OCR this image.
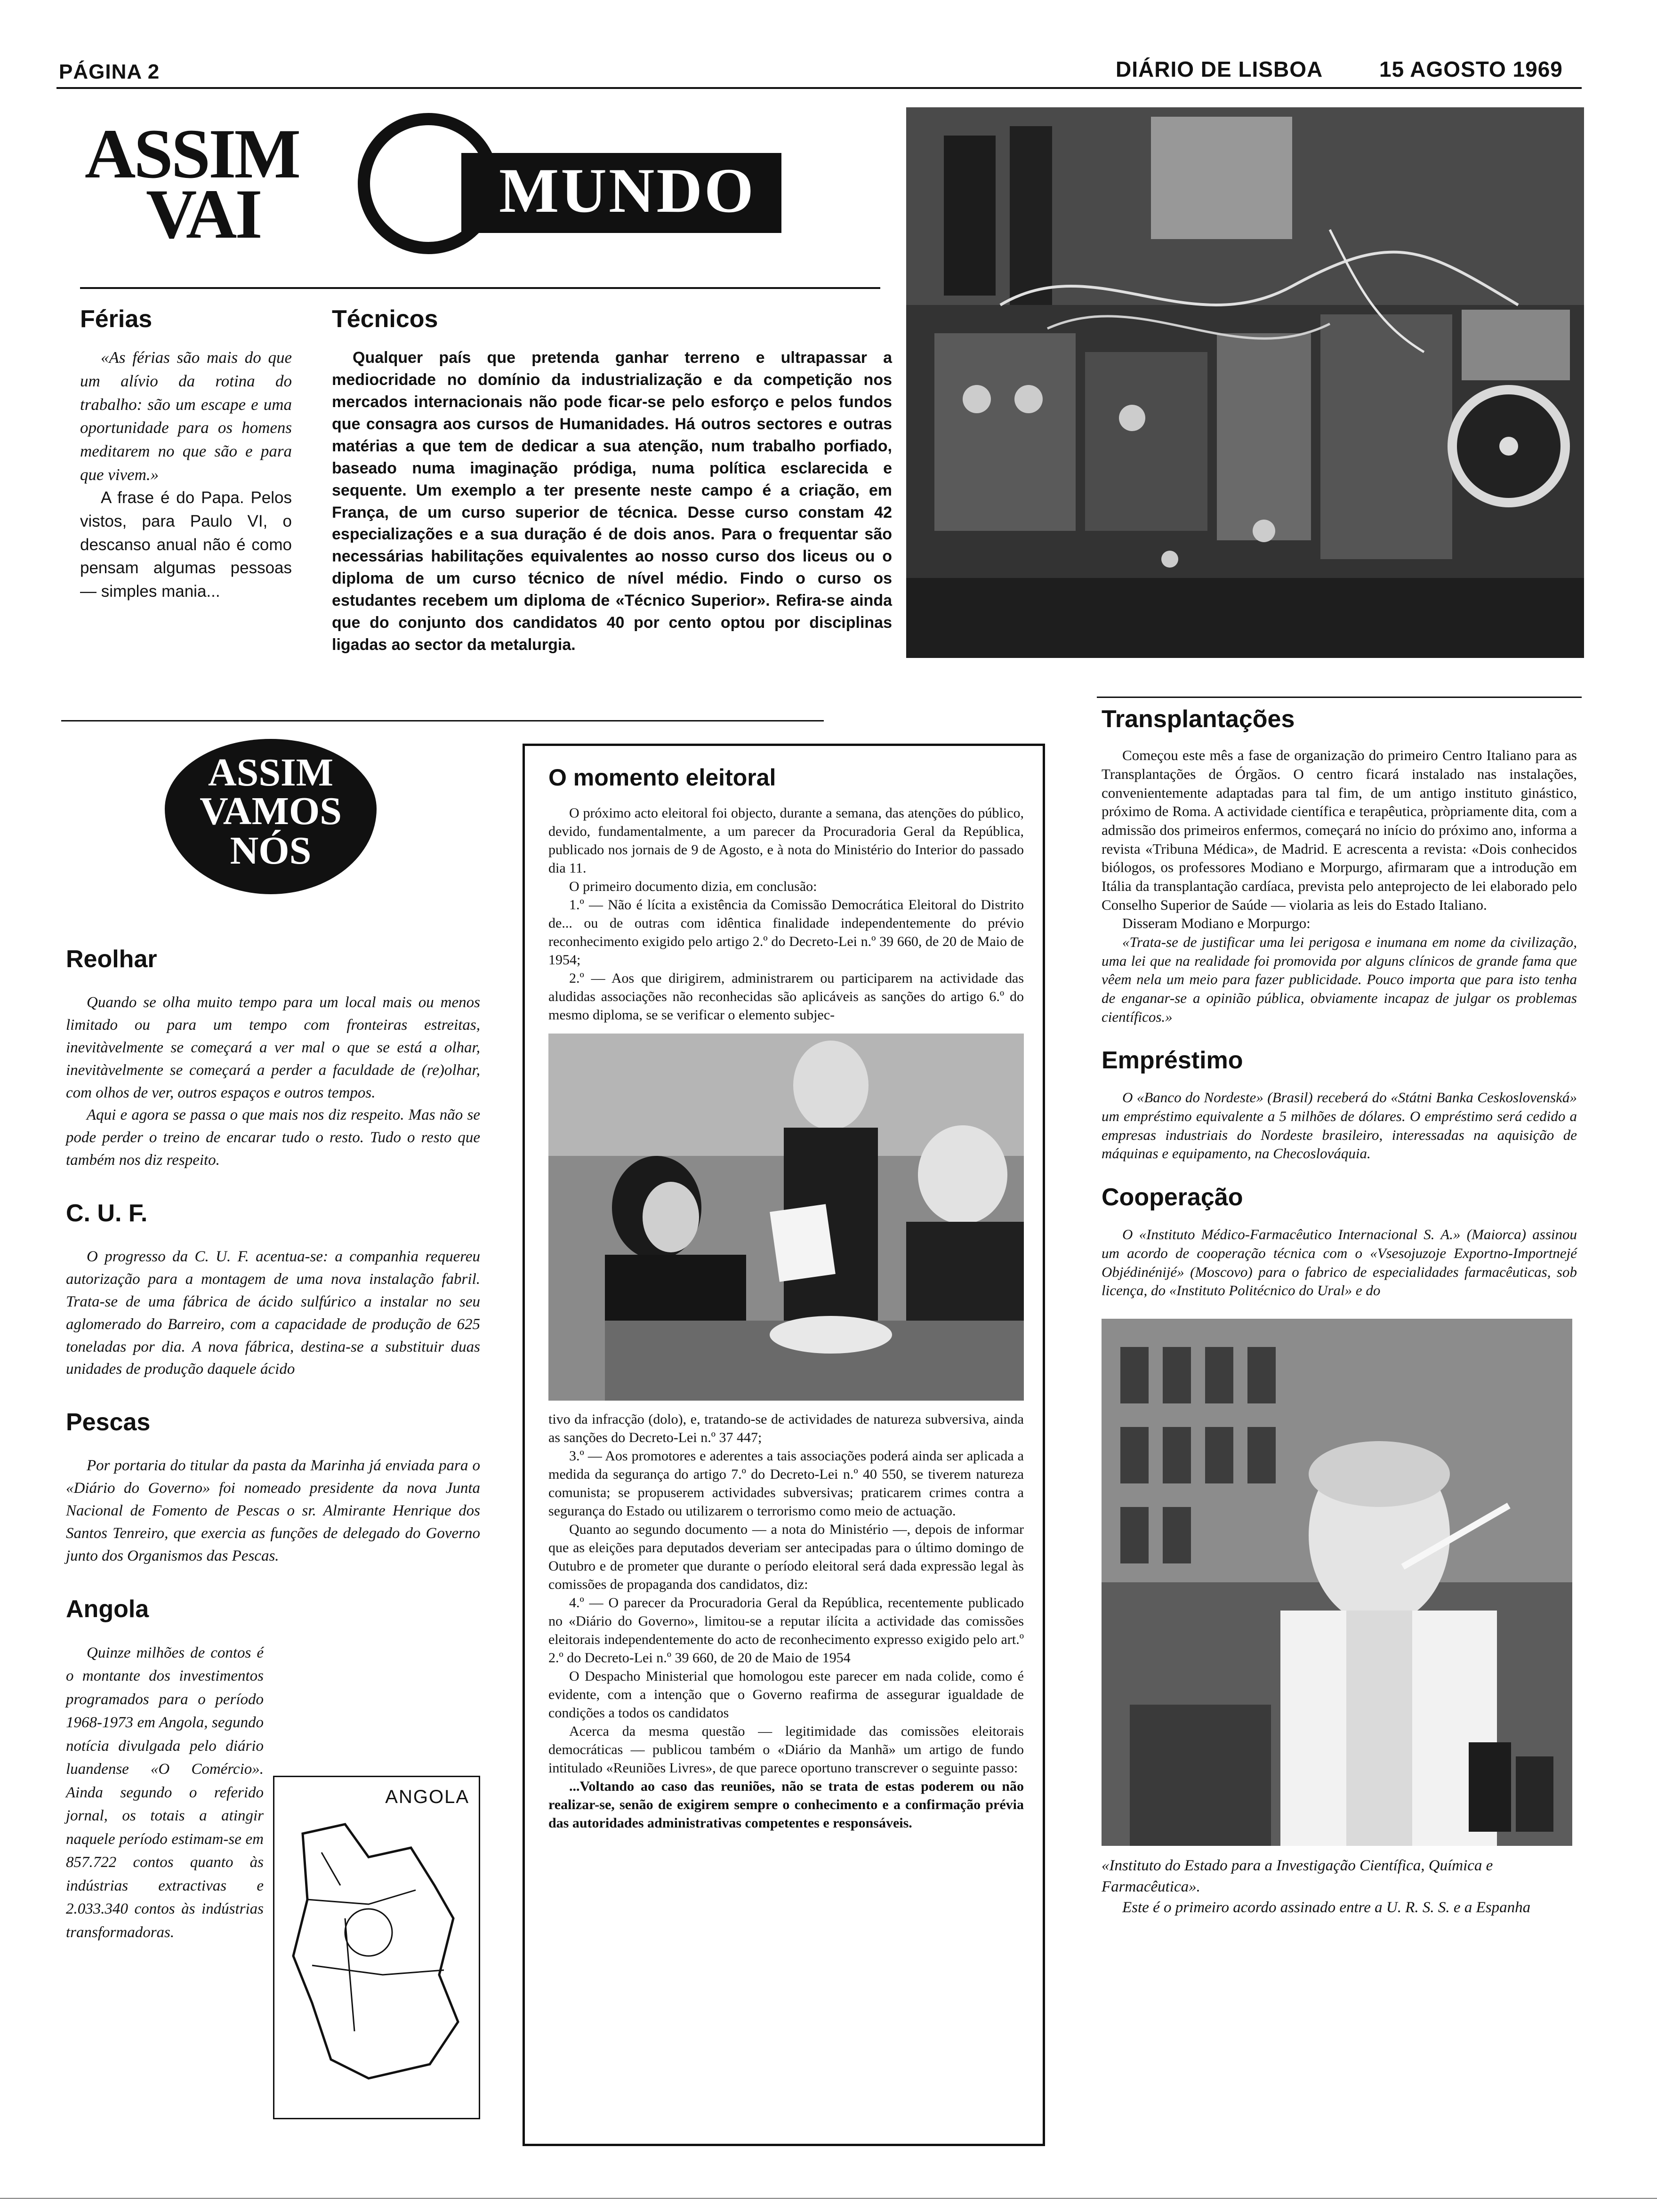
PÁGINA 2	DIÁRIO DE LISBOA	15 AGOSTO 1969
ASSIM
VAI	MUNDO
Férias

«As férias são mais do que um alívio da rotina do trabalho: são um escape e uma oportunidade para os homens meditarem no que são e para que vivem.»

A frase é do Papa. Pelos vistos, para Paulo VI, o descanso anual não é como pensam algumas pessoas — simples mania...

Técnicos

Qualquer país que pretenda ganhar terreno e ultrapassar a mediocridade no domínio da industrialização e da competição nos mercados internacionais não pode ficar-se pelo esforço e pelos fundos que consagra aos cursos de Humanidades. Há outros sectores e outras matérias a que tem de dedicar a sua atenção, num trabalho porfiado, baseado numa imaginação pródiga, numa política esclarecida e sequente. Um exemplo a ter presente neste campo é a criação, em França, de um curso superior de técnica. Desse curso constam 42 especializações e a sua duração é de dois anos. Para o frequentar são necessárias habilitações equivalentes ao nosso curso dos liceus ou o diploma de um curso técnico de nível médio. Findo o curso os estudantes recebem um diploma de «Técnico Superior». Refira-se ainda que do conjunto dos candidatos 40 por cento optou por disciplinas ligadas ao sector da metalurgia.

ASSIM
VAMOS
NÓS
Reolhar

Quando se olha muito tempo para um local mais ou menos limitado ou para um tempo com fronteiras estreitas, inevitàvelmente se começará a ver mal o que se está a olhar, inevitàvelmente se começará a perder a faculdade de (re)olhar, com olhos de ver, outros espaços e outros tempos.

Aqui e agora se passa o que mais nos diz respeito. Mas não se pode perder o treino de encarar tudo o resto. Tudo o resto que também nos diz respeito.

C. U. F.

O progresso da C. U. F. acentua-se: a companhia requereu autorização para a montagem de uma nova instalação fabril. Trata-se de uma fábrica de ácido sulfúrico a instalar no seu aglomerado do Barreiro, com a capacidade de produção de 625 toneladas por dia. A nova fábrica, destina-se a substituir duas unidades de produção daquele ácido

Pescas

Por portaria do titular da pasta da Marinha já enviada para o «Diário do Governo» foi nomeado presidente da nova Junta Nacional de Fomento de Pescas o sr. Almirante Henrique dos Santos Tenreiro, que exercia as funções de delegado do Governo junto dos Organismos das Pescas.

Angola
ANGOLA

Quinze milhões de contos é o montante dos investimentos programados para o período 1968-1973 em Angola, segundo notícia divulgada pelo diário luandense «O Comércio». Ainda segundo o referido jornal, os totais a atingir naquele período estimam-se em 857.722 contos quanto às indústrias extractivas e 2.033.340 contos às indústrias transformadoras.

O momento eleitoral

O próximo acto eleitoral foi objecto, durante a semana, das atenções do público, devido, fundamentalmente, a um parecer da Procuradoria Geral da República, publicado nos jornais de 9 de Agosto, e à nota do Ministério do Interior do passado dia 11.

O primeiro documento dizia, em conclusão:

1.º — Não é lícita a existência da Comissão Democrática Eleitoral do Distrito de... ou de outras com idêntica finalidade independentemente do prévio reconhecimento exigido pelo artigo 2.º do Decreto-Lei n.º 39 660, de 20 de Maio de 1954;

2.º — Aos que dirigirem, administrarem ou participarem na actividade das aludidas associações não reconhecidas são aplicáveis as sanções do artigo 6.º do mesmo diploma, se se verificar o elemento subjec-

tivo da infracção (dolo), e, tratando-se de actividades de natureza subversiva, ainda as sanções do Decreto-Lei n.º 37 447;

3.º — Aos promotores e aderentes a tais associações poderá ainda ser aplicada a medida da segurança do artigo 7.º do Decreto-Lei n.º 40 550, se tiverem natureza comunista; se propuserem actividades subversivas; praticarem crimes contra a segurança do Estado ou utilizarem o terrorismo como meio de actuação.

Quanto ao segundo documento — a nota do Ministério —, depois de informar que as eleições para deputados deveriam ser antecipadas para o último domingo de Outubro e de prometer que durante o período eleitoral será dada expressão legal às comissões de propaganda dos candidatos, diz:

4.º — O parecer da Procuradoria Geral da República, recentemente publicado no «Diário do Governo», limitou-se a reputar ilícita a actividade das comissões eleitorais independentemente do acto de reconhecimento expresso exigido pelo art.º 2.º do Decreto-Lei n.º 39 660, de 20 de Maio de 1954

O Despacho Ministerial que homologou este parecer em nada colide, como é evidente, com a intenção que o Governo reafirma de assegurar igualdade de condições a todos os candidatos

Acerca da mesma questão — legitimidade das comissões eleitorais democráticas — publicou também o «Diário da Manhã» um artigo de fundo intitulado «Reuniões Livres», de que parece oportuno transcrever o seguinte passo:

...Voltando ao caso das reuniões, não se trata de estas poderem ou não realizar-se, senão de exigirem sempre o conhecimento e a confirmação prévia das autoridades administrativas competentes e responsáveis.

Transplantações

Começou este mês a fase de organização do primeiro Centro Italiano para as Transplantações de Órgãos. O centro ficará instalado nas instalações, convenientemente adaptadas para tal fim, de um antigo instituto ginástico, próximo de Roma. A actividade científica e terapêutica, pròpriamente dita, com a admissão dos primeiros enfermos, começará no início do próximo ano, informa a revista «Tribuna Médica», de Madrid. E acrescenta a revista: «Dois conhecidos biólogos, os professores Modiano e Morpurgo, afirmaram que a introdução em Itália da transplantação cardíaca, prevista pelo anteprojecto de lei elaborado pelo Conselho Superior de Saúde — violaria as leis do Estado Italiano.

Disseram Modiano e Morpurgo:

«Trata-se de justificar uma lei perigosa e inumana em nome da civilização, uma lei que na realidade foi promovida por alguns clínicos de grande fama que vêem nela um meio para fazer publicidade. Pouco importa que para isto tenha de enganar-se a opinião pública, obviamente incapaz de julgar os problemas científicos.»

Empréstimo

O «Banco do Nordeste» (Brasil) receberá do «Státni Banka Ceskoslovenská» um empréstimo equivalente a 5 milhões de dólares. O empréstimo será cedido a empresas industriais do Nordeste brasileiro, interessadas na aquisição de máquinas e equipamento, na Checoslováquia.

Cooperação

O «Instituto Médico-Farmacêutico Internacional S. A.» (Maiorca) assinou um acordo de cooperação técnica com o «Vsesojuzoje Exportno-Importnejé Objédinénijé» (Moscovo) para o fabrico de especialidades farmacêuticas, sob licença, do «Instituto Politécnico do Ural» e do

«Instituto do Estado para a Investigação Científica, Química e Farmacêutica».

Este é o primeiro acordo assinado entre a U. R. S. S. e a Espanha
